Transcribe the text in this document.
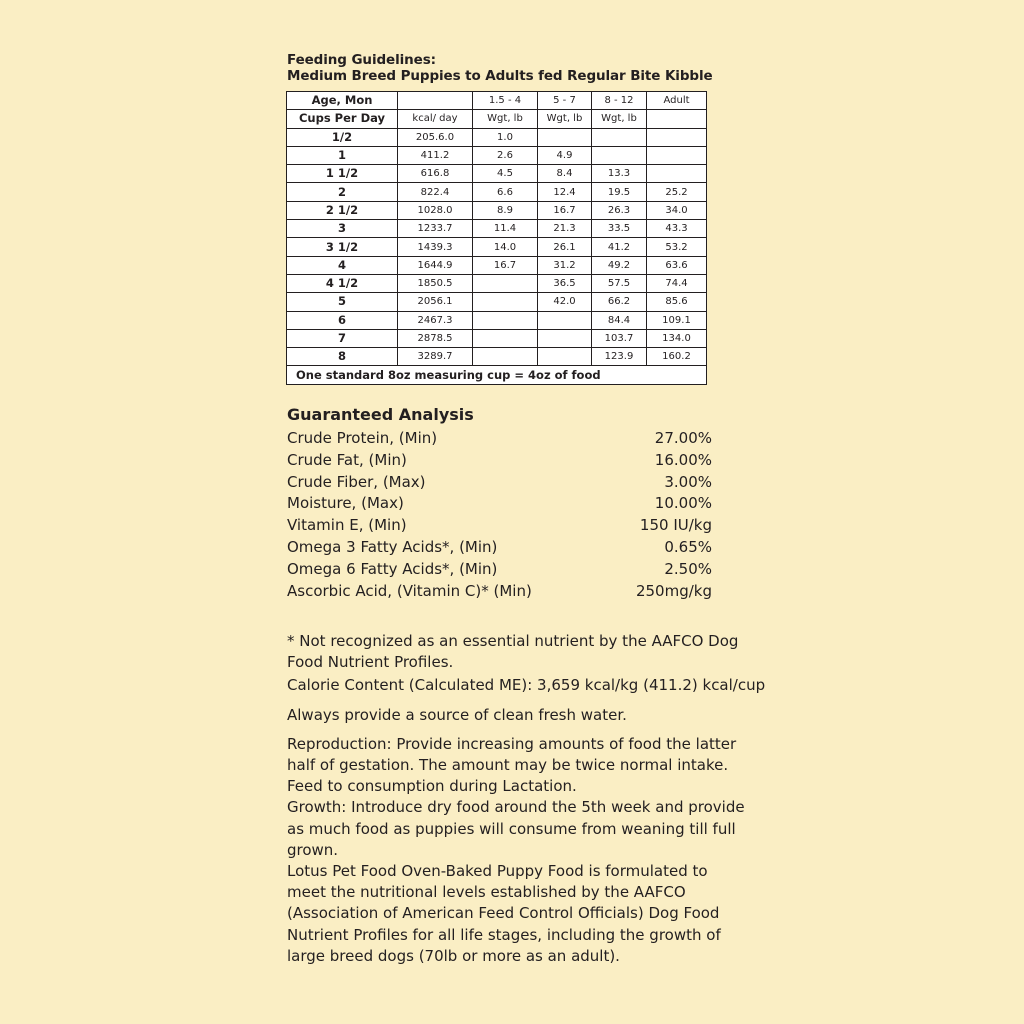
Feeding Guidelines:
Medium Breed Puppies to Adults fed Regular Bite Kibble
Age, Mon		1.5 - 4	5 - 7	8 - 12	Adult
Cups Per Day	kcal/ day	Wgt, lb	Wgt, lb	Wgt, lb	
1/2	205.6.0	1.0			
1	411.2	2.6	4.9		
1 1/2	616.8	4.5	8.4	13.3	
2	822.4	6.6	12.4	19.5	25.2
2 1/2	1028.0	8.9	16.7	26.3	34.0
3	1233.7	11.4	21.3	33.5	43.3
3 1/2	1439.3	14.0	26.1	41.2	53.2
4	1644.9	16.7	31.2	49.2	63.6
4 1/2	1850.5		36.5	57.5	74.4
5	2056.1		42.0	66.2	85.6
6	2467.3			84.4	109.1
7	2878.5			103.7	134.0
8	3289.7			123.9	160.2
One standard 8oz measuring cup = 4oz of food					
Guaranteed Analysis
Crude Protein, (Min)	27.00%
Crude Fat, (Min)	16.00%
Crude Fiber, (Max)	3.00%
Moisture, (Max)	10.00%
Vitamin E, (Min)	150 IU/kg
Omega 3 Fatty Acids*, (Min)	0.65%
Omega 6 Fatty Acids*, (Min)	2.50%
Ascorbic Acid, (Vitamin C)* (Min)	250mg/kg

* Not recognized as an essential nutrient by the AAFCO Dog

Food Nutrient Profiles.

Calorie Content (Calculated ME): 3,659 kcal/kg (411.2) kcal/cup

Always provide a source of clean fresh water.

Reproduction: Provide increasing amounts of food the latter

half of gestation. The amount may be twice normal intake.

Feed to consumption during Lactation.

Growth: Introduce dry food around the 5th week and provide

as much food as puppies will consume from weaning till full

grown.

Lotus Pet Food Oven-Baked Puppy Food is formulated to

meet the nutritional levels established by the AAFCO

(Association of American Feed Control Officials) Dog Food

Nutrient Profiles for all life stages, including the growth of

large breed dogs (70lb or more as an adult).
